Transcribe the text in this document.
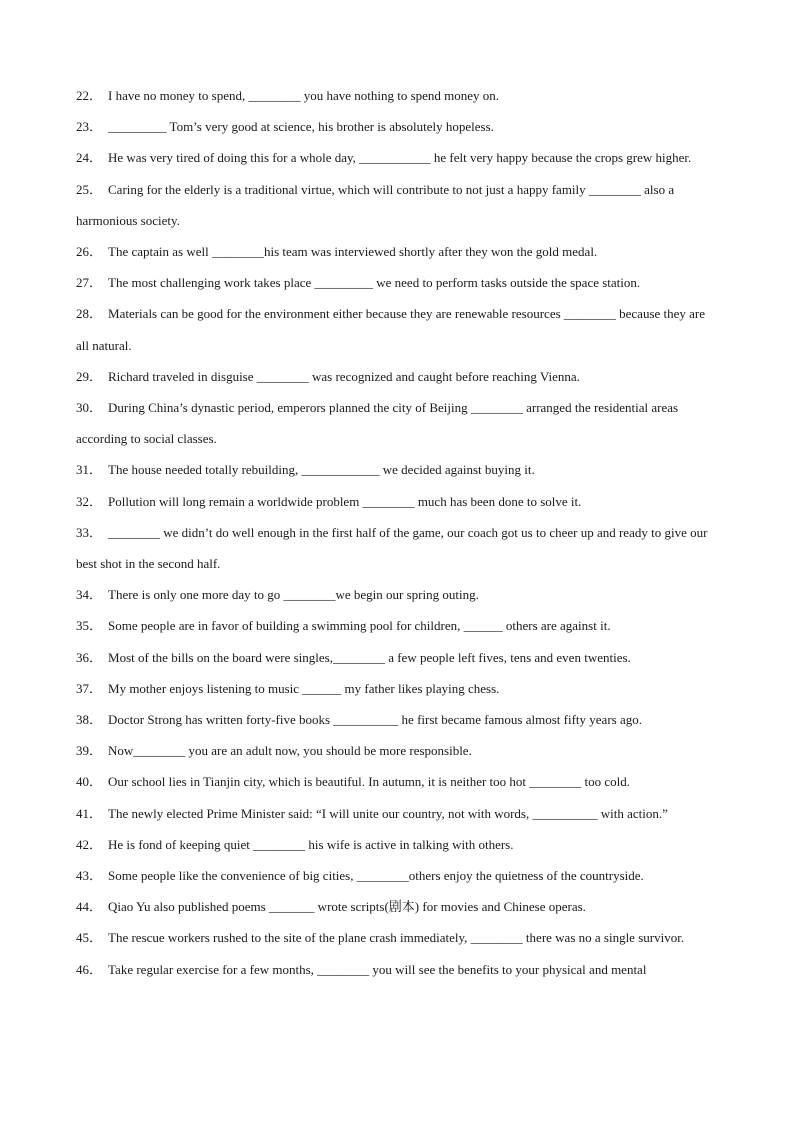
22． I have no money to spend, ________ you have nothing to spend money on.
23． _________ Tom’s very good at science, his brother is absolutely hopeless.
24． He was very tired of doing this for a whole day, ___________ he felt very happy because the crops grew higher.
25． Caring for the elderly is a traditional virtue, which will contribute to not just a happy family ________ also a harmonious society.
26． The captain as well ________his team was interviewed shortly after they won the gold medal.
27． The most challenging work takes place _________ we need to perform tasks outside the space station.
28． Materials can be good for the environment either because they are renewable resources ________ because they are all natural.
29． Richard traveled in disguise ________ was recognized and caught before reaching Vienna.
30． During China’s dynastic period, emperors planned the city of Beijing ________ arranged the residential areas according to social classes.
31． The house needed totally rebuilding, ____________ we decided against buying it.
32． Pollution will long remain a worldwide problem ________ much has been done to solve it.
33． ________ we didn’t do well enough in the first half of the game, our coach got us to cheer up and ready to give our best shot in the second half.
34． There is only one more day to go ________we begin our spring outing.
35． Some people are in favor of building a swimming pool for children, ______ others are against it.
36． Most of the bills on the board were singles,________ a few people left fives, tens and even twenties.
37． My mother enjoys listening to music ______ my father likes playing chess.
38． Doctor Strong has written forty-five books __________ he first became famous almost fifty years ago.
39． Now________ you are an adult now, you should be more responsible.
40． Our school lies in Tianjin city, which is beautiful. In autumn, it is neither too hot ________ too cold.
41． The newly elected Prime Minister said: “I will unite our country, not with words, __________ with action.”
42． He is fond of keeping quiet ________ his wife is active in talking with others.
43． Some people like the convenience of big cities, ________others enjoy the quietness of the countryside.
44． Qiao Yu also published poems _______ wrote scripts(剧本) for movies and Chinese operas.
45． The rescue workers rushed to the site of the plane crash immediately, ________ there was no a single survivor.
46． Take regular exercise for a few months, ________ you will see the benefits to your physical and mental
